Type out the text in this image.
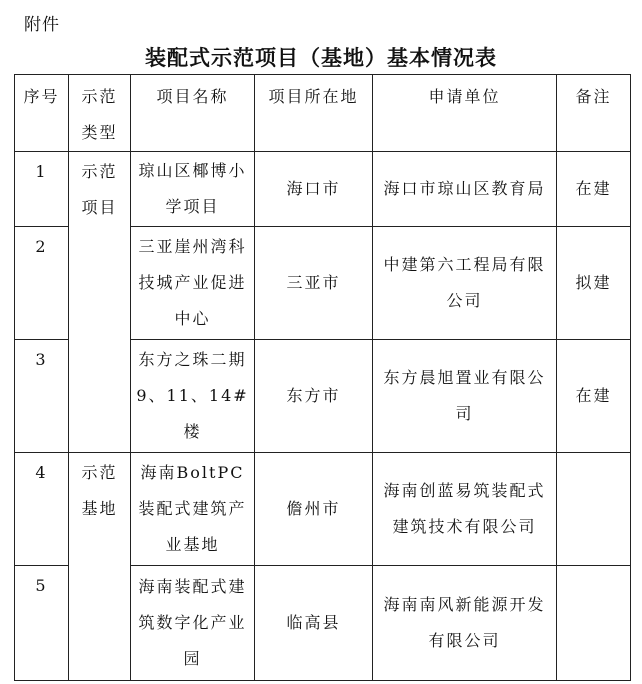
附件
装配式示范项目（基地）基本情况表
序号	示范类型	项目名称	项目所在地	申请单位	备注
1	示范项目	琼山区椰博小学项目	海口市	海口市琼山区教育局	在建
2		三亚崖州湾科技城产业促进中心	三亚市	中建第六工程局有限公司	拟建
3		东方之珠二期9、11、14#楼	东方市	东方晨旭置业有限公司	在建
4	示范基地	海南BoltPC装配式建筑产业基地	儋州市	海南创蓝易筑装配式建筑技术有限公司	
5		海南装配式建筑数字化产业园	临高县	海南南风新能源开发有限公司	
